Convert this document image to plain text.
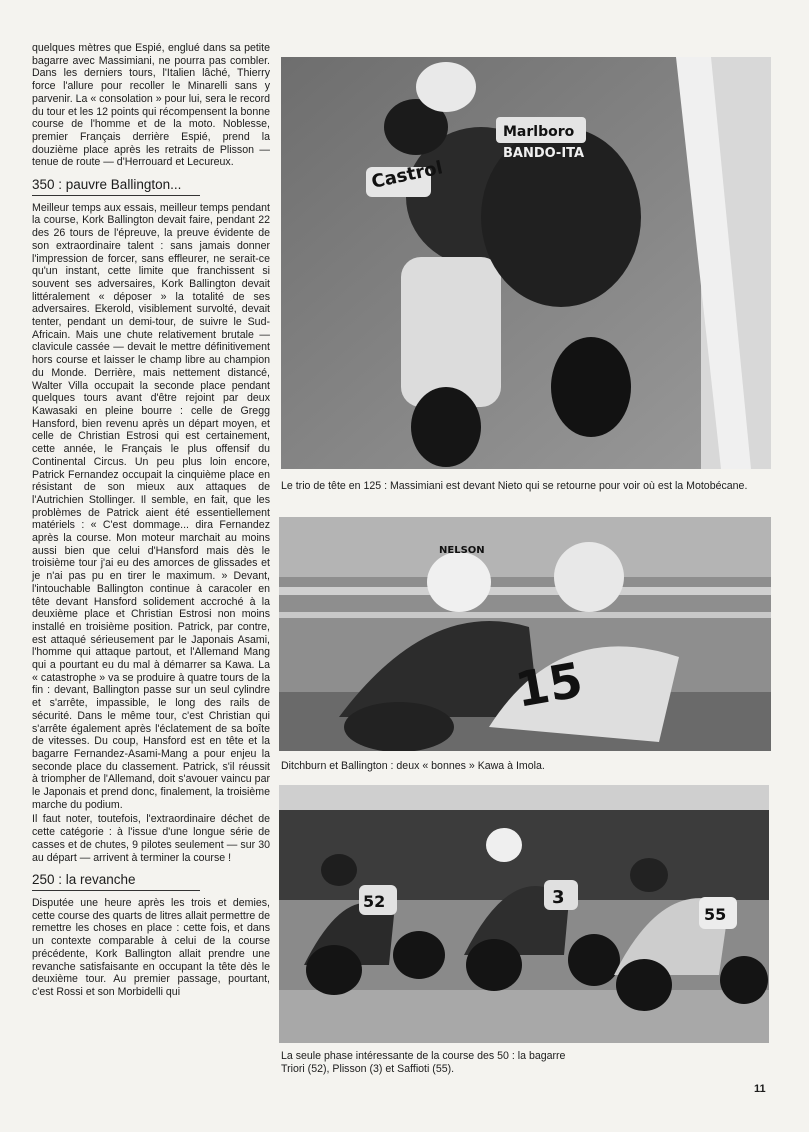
quelques mètres que Espié, englué dans sa petite bagarre avec Massimiani, ne pourra pas combler. Dans les derniers tours, l'Italien lâché, Thierry force l'allure pour recoller le Minarelli sans y parvenir. La « consolation » pour lui, sera le record du tour et les 12 points qui récompensent la bonne course de l'homme et de la moto. Noblesse, premier Français derrière Espié, prend la douzième place après les retraits de Plisson — tenue de route — d'Herrouard et Lecureux.

350 : pauvre Ballington...

Meilleur temps aux essais, meilleur temps pendant la course, Kork Ballington devait faire, pendant 22 des 26 tours de l'épreuve, la preuve évidente de son extraordinaire talent : sans jamais donner l'impression de forcer, sans effleurer, ne serait-ce qu'un instant, cette limite que franchissent si souvent ses adversaires, Kork Ballington devait littéralement « déposer » la totalité de ses adversaires. Ekerold, visiblement survolté, devait tenter, pendant un demi-tour, de suivre le Sud-Africain. Mais une chute relativement brutale — clavicule cassée — devait le mettre définitivement hors course et laisser le champ libre au champion du Monde. Derrière, mais nettement distancé, Walter Villa occupait la seconde place pendant quelques tours avant d'être rejoint par deux Kawasaki en pleine bourre : celle de Gregg Hansford, bien revenu après un départ moyen, et celle de Christian Estrosi qui est certainement, cette année, le Français le plus offensif du Continental Circus. Un peu plus loin encore, Patrick Fernandez occupait la cinquième place en résistant de son mieux aux attaques de l'Autrichien Stollinger. Il semble, en fait, que les problèmes de Patrick aient été essentiellement matériels : « C'est dommage... dira Fernandez après la course. Mon moteur marchait au moins aussi bien que celui d'Hansford mais dès le troisième tour j'ai eu des amorces de glissades et je n'ai pas pu en tirer le maximum. » Devant, l'intouchable Ballington continue à caracoler en tête devant Hansford solidement accroché à la deuxième place et Christian Estrosi non moins installé en troisième position. Patrick, par contre, est attaqué sérieusement par le Japonais Asami, l'homme qui attaque partout, et l'Allemand Mang qui a pourtant eu du mal à démarrer sa Kawa. La « catastrophe » va se produire à quatre tours de la fin : devant, Ballington passe sur un seul cylindre et s'arrête, impassible, le long des rails de sécurité. Dans le même tour, c'est Christian qui s'arrête également après l'éclatement de sa boîte de vitesses. Du coup, Hansford est en tête et la bagarre Fernandez-Asami-Mang a pour enjeu la seconde place du classement. Patrick, s'il réussit à triompher de l'Allemand, doit s'avouer vaincu par le Japonais et prend donc, finalement, la troisième marche du podium.

Il faut noter, toutefois, l'extraordinaire déchet de cette catégorie : à l'issue d'une longue série de casses et de chutes, 9 pilotes seulement — sur 30 au départ — arrivent à terminer la course !

250 : la revanche

Disputée une heure après les trois et demies, cette course des quarts de litres allait permettre de remettre les choses en place : cette fois, et dans un contexte comparable à celui de la course précédente, Kork Ballington allait prendre une revanche satisfaisante en occupant la tête dès le deuxième tour. Au premier passage, pourtant, c'est Rossi et son Morbidelli qui

Castrol
Marlboro
BANDO-ITA
Le trio de tête en 125 : Massimiani est devant Nieto qui se retourne pour voir où est la Motobécane.
NELSON
15
Ditchburn et Ballington : deux « bonnes » Kawa à Imola.
52	3
55
La seule phase intéressante de la course des 50 : la bagarre Triori (52), Plisson (3) et Saffioti (55).
11
